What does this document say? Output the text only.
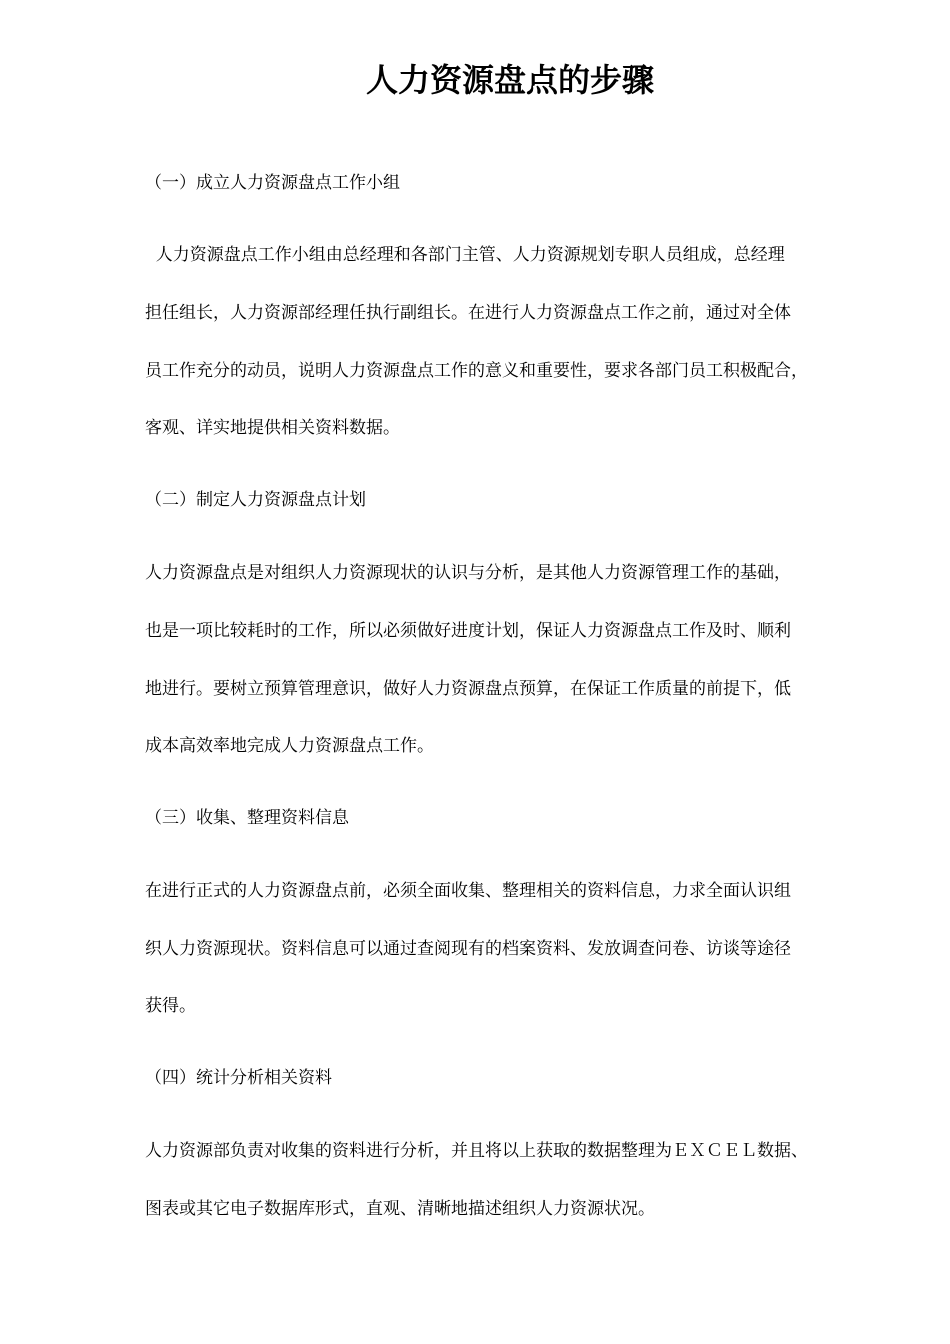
人力资源盘点的步骤

（一）成立人力资源盘点工作小组

人力资源盘点工作小组由总经理和各部门主管、人力资源规划专职人员组成，总经理

担任组长，人力资源部经理任执行副组长。在进行人力资源盘点工作之前，通过对全体

员工作充分的动员，说明人力资源盘点工作的意义和重要性，要求各部门员工积极配合，

客观、详实地提供相关资料数据。

（二）制定人力资源盘点计划

人力资源盘点是对组织人力资源现状的认识与分析，是其他人力资源管理工作的基础，

也是一项比较耗时的工作，所以必须做好进度计划，保证人力资源盘点工作及时、顺利

地进行。要树立预算管理意识，做好人力资源盘点预算，在保证工作质量的前提下，低

成本高效率地完成人力资源盘点工作。

（三）收集、整理资料信息

在进行正式的人力资源盘点前，必须全面收集、整理相关的资料信息，力求全面认识组

织人力资源现状。资料信息可以通过查阅现有的档案资料、发放调查问卷、访谈等途径

获得。

（四）统计分析相关资料

人力资源部负责对收集的资料进行分析，并且将以上获取的数据整理为ＥＸＣＥＬ数据、

图表或其它电子数据库形式，直观、清晰地描述组织人力资源状况。
